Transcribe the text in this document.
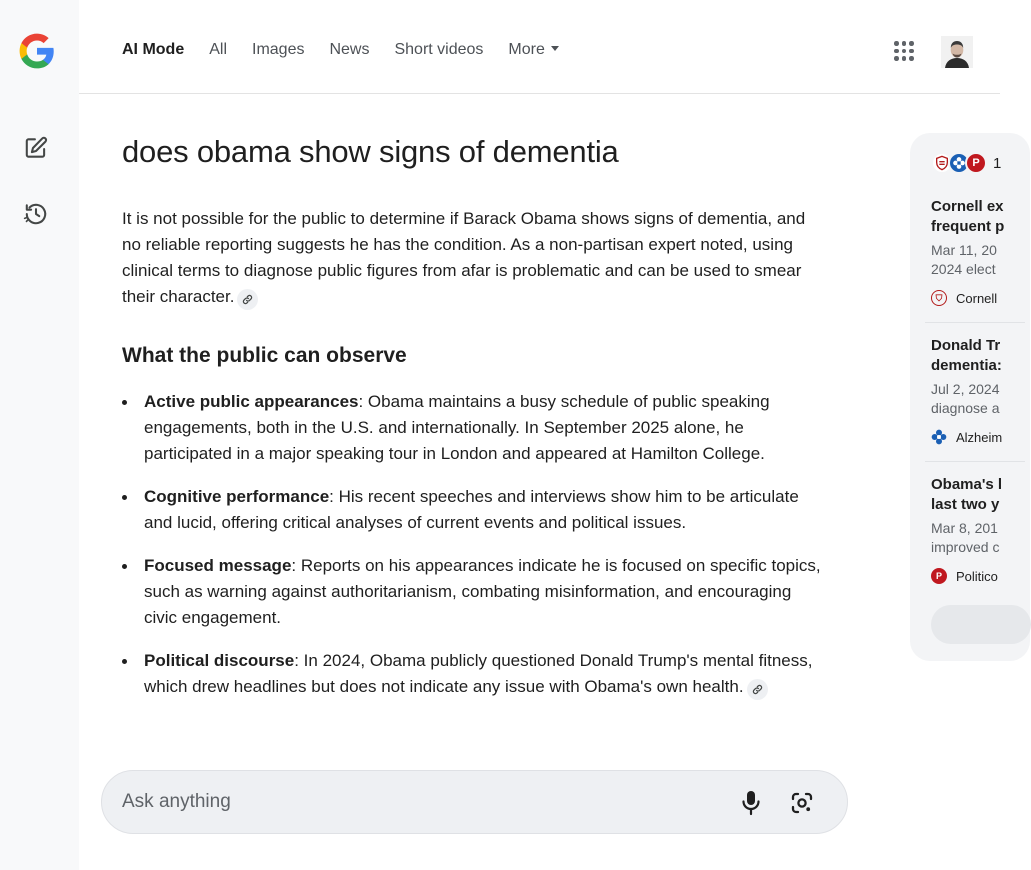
AI Mode All Images News Short videos More
does obama show signs of dementia

It is not possible for the public to determine if Barack Obama shows signs of dementia, and no reliable reporting suggests he has the condition. As a non-partisan expert noted, using clinical terms to diagnose public figures from afar is problematic and can be used to smear their character.

What the public can observe
Active public appearances: Obama maintains a busy schedule of public speaking engagements, both in the U.S. and internationally. In September 2025 alone, he participated in a major speaking tour in London and appeared at Hamilton College.
Cognitive performance: His recent speeches and interviews show him to be articulate and lucid, offering critical analyses of current events and political issues.
Focused message: Reports on his appearances indicate he is focused on specific topics, such as warning against authoritarianism, combating misinformation, and encouraging civic engagement.
Political discourse: In 2024, Obama publicly questioned Donald Trump's mental fitness, which drew headlines but does not indicate any issue with Obama's own health.
P 1
Cornell ex
frequent p
Mar 11, 20
2024 elect
⛉	Cornell
Donald Tr
dementia:
Jul 2, 2024
diagnose a
Alzheim
Obama's l
last two y
Mar 8, 201
improved c
P	Politico
Ask anything
